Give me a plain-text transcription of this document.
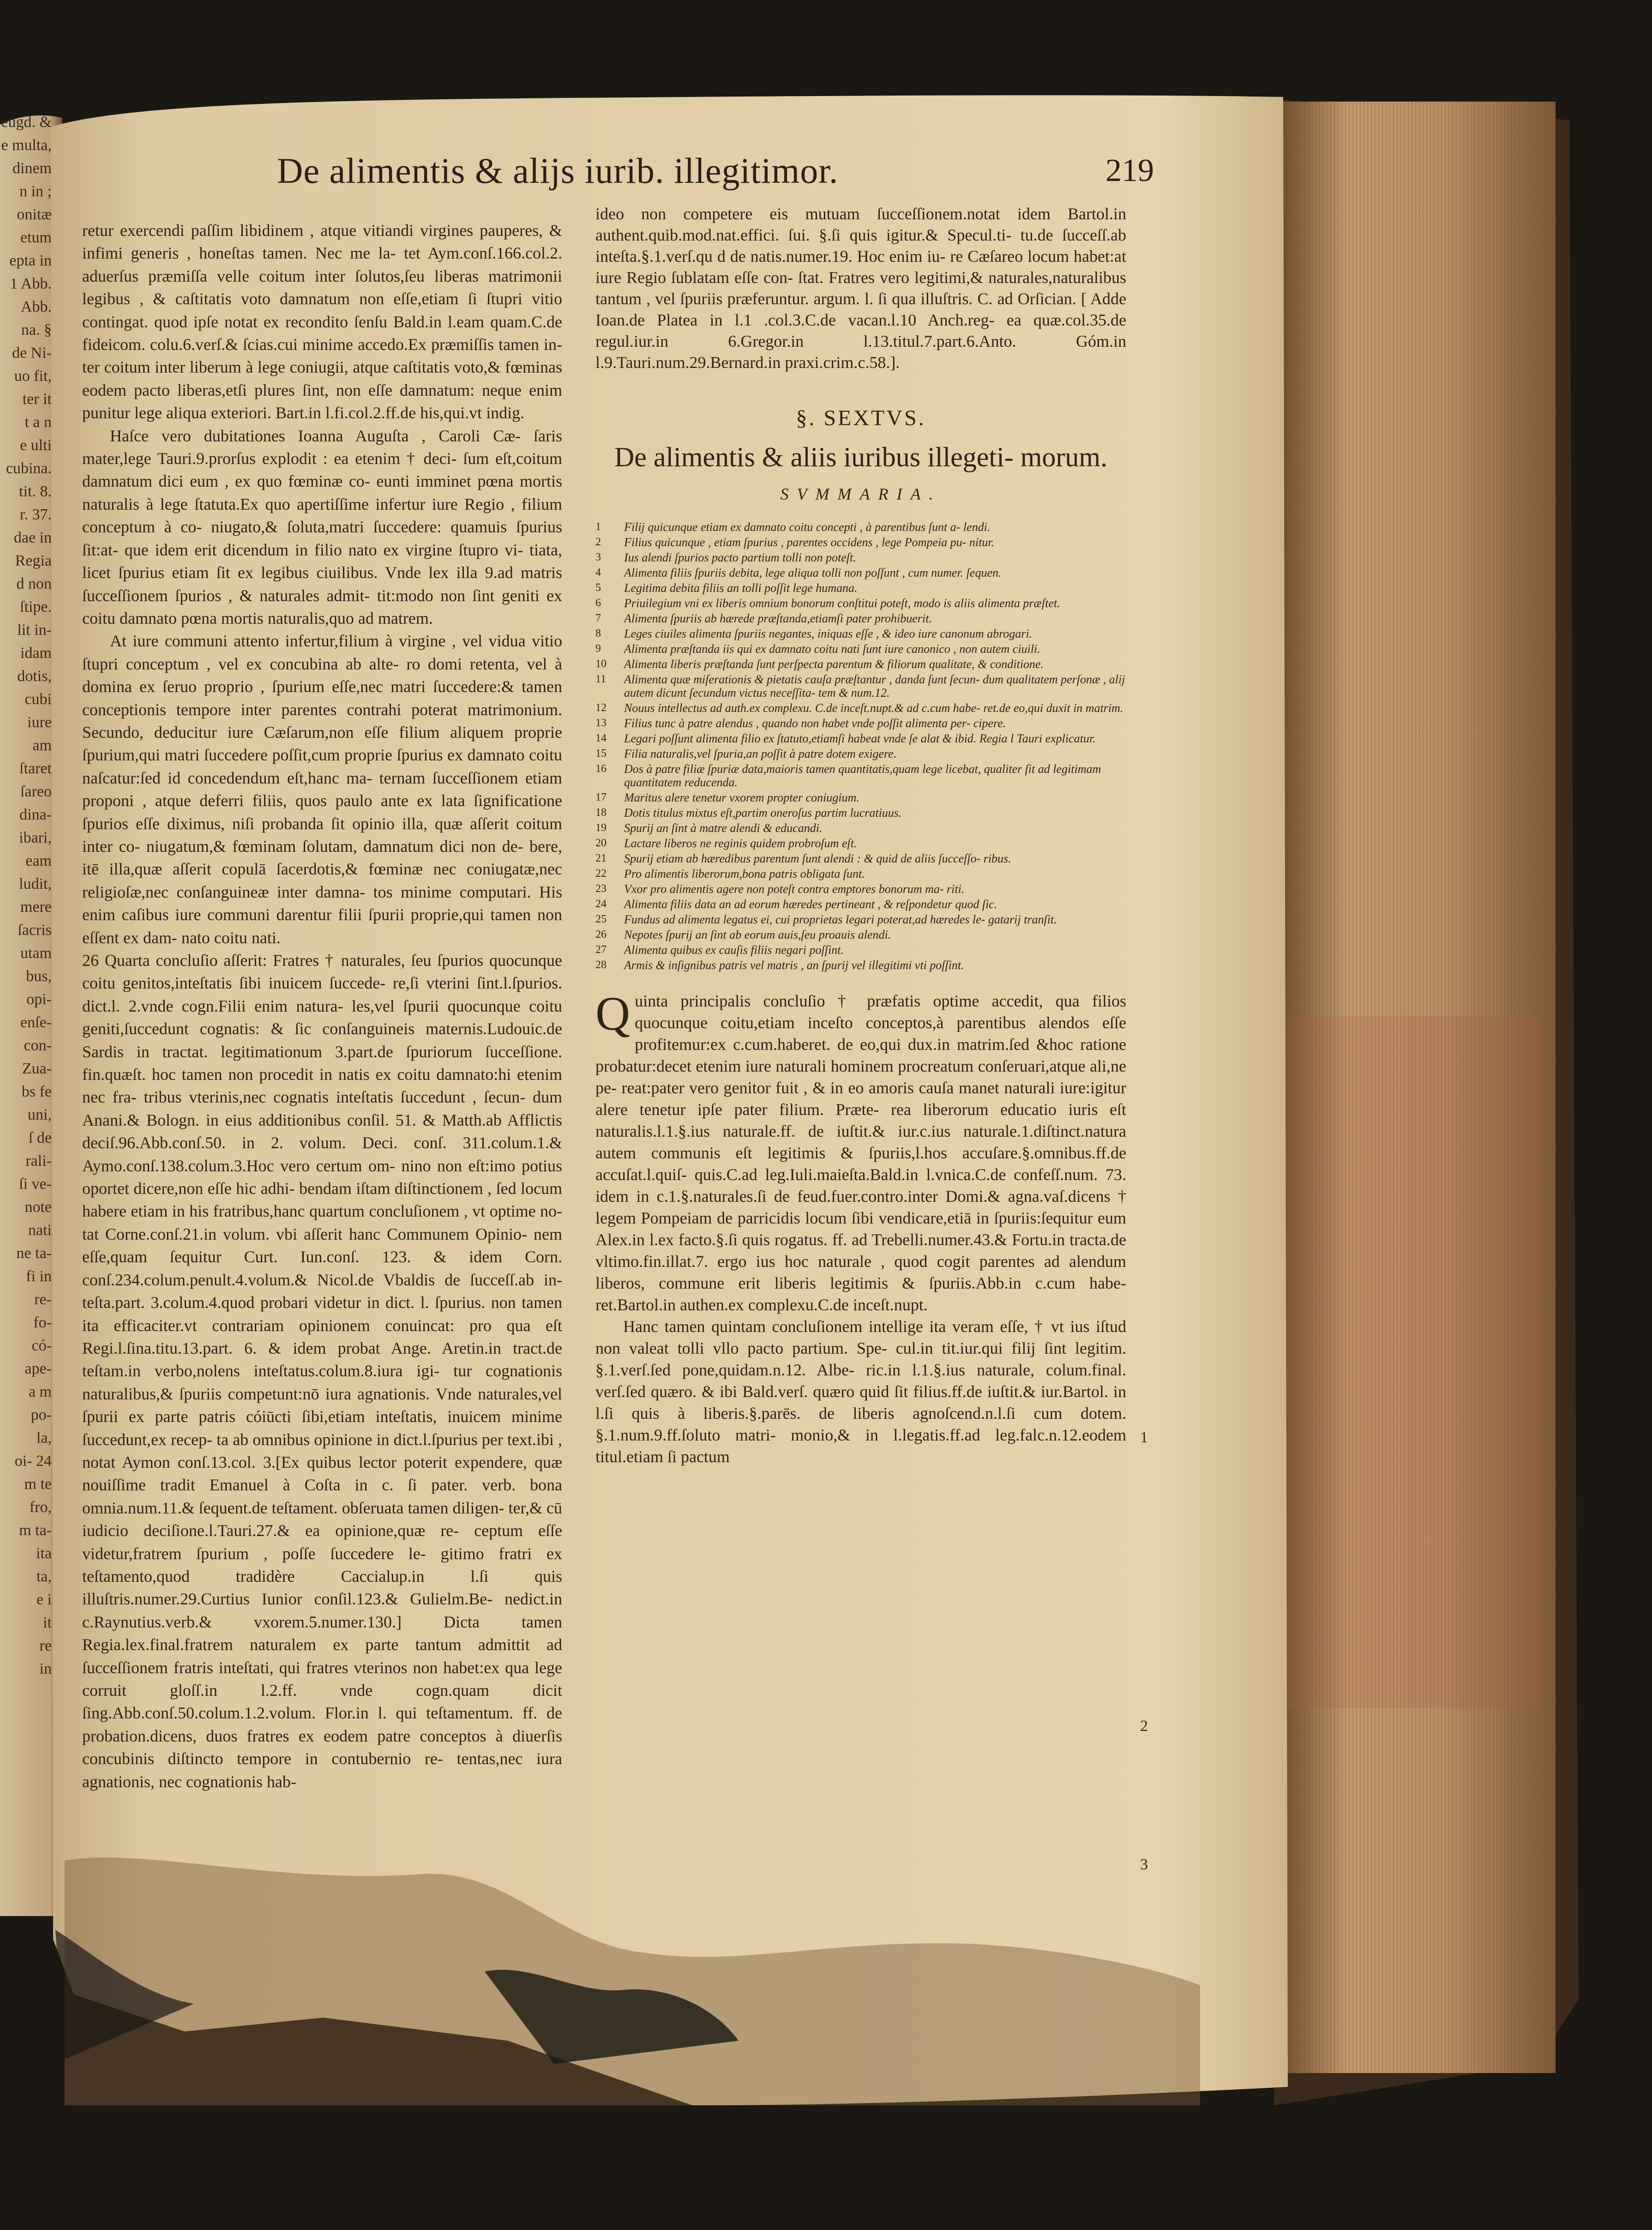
eugd. &
e multa,
dinem
n in ;
onitæ
etum
epta in
1 Abb.
Abb.
na. §
de Ni-
uo fit,
ter it
t a n
e ulti
cubina.
tit. 8.
r. 37.
dae in
Regia
d non
ſtipe.
lit in-
idam
dotis,
cubi
iure
am
ſtaret
ſareo
dina-
ibari,
eam
ludit,
mere
ſacris
utam
bus,
opi-
enſe-
con-
Zua-
bs fe
uni,
ſ de
rali-
ſi ve-
note
nati
ne ta-
fi in
re-
fo-
có-
ape-
a m
po-
la,
oi- 24
m te
fro,
m ta-
ita
ta,
e i
it
re
in
De alimentis & alijs iurib. illegitimor.	219

retur exercendi paſſim libidinem , atque vitiandi virgines pauperes, & infimi generis , honeſtas tamen. Nec me la- tet Aym.conſ.166.col.2. aduerſus præmiſſa velle coitum inter ſolutos,ſeu liberas matrimonii legibus , & caſtitatis voto damnatum non eſſe,etiam ſi ſtupri vitio contingat. quod ipſe notat ex recondito ſenſu Bald.in l.eam quam.C.de fideicom. colu.6.verſ.& ſcias.cui minime accedo.Ex præmiſſis tamen in- ter coitum inter liberum à lege coniugii, atque caſtitatis voto,& fœminas eodem pacto liberas,etſi plures ſint, non eſſe damnatum: neque enim punitur lege aliqua exteriori. Bart.in l.fi.col.2.ff.de his,qui.vt indig.

Haſce vero dubitationes Ioanna Auguſta , Caroli Cæ- ſaris mater,lege Tauri.9.prorſus explodit : ea etenim † deci- ſum eſt,coitum damnatum dici eum , ex quo fœminæ co- eunti imminet pœna mortis naturalis à lege ſtatuta.Ex quo apertiſſime infertur iure Regio , filium conceptum à co- niugato,& ſoluta,matri ſuccedere: quamuis ſpurius ſit:at- que idem erit dicendum in filio nato ex virgine ſtupro vi- tiata, licet ſpurius etiam ſit ex legibus ciuilibus. Vnde lex illa 9.ad matris ſucceſſionem ſpurios , & naturales admit- tit:modo non ſint geniti ex coitu damnato pœna mortis naturalis,quo ad matrem.

At iure communi attento infertur,filium à virgine , vel vidua vitio ſtupri conceptum , vel ex concubina ab alte- ro domi retenta, vel à domina ex ſeruo proprio , ſpurium eſſe,nec matri ſuccedere:& tamen conceptionis tempore inter parentes contrahi poterat matrimonium. Secundo, deducitur iure Cæſarum,non eſſe filium aliquem proprie ſpurium,qui matri ſuccedere poſſit,cum proprie ſpurius ex damnato coitu naſcatur:ſed id concedendum eſt,hanc ma- ternam ſucceſſionem etiam proponi , atque deferri filiis, quos paulo ante ex lata ſignificatione ſpurios eſſe diximus, niſi probanda ſit opinio illa, quæ aſſerit coitum inter co- niugatum,& fœminam ſolutam, damnatum dici non de- bere, itē illa,quæ aſſerit copulā ſacerdotis,& fœminæ nec coniugatæ,nec religioſæ,nec conſanguineæ inter damna- tos minime computari. His enim caſibus iure communi darentur filii ſpurii proprie,qui tamen non eſſent ex dam- nato coitu nati.

26 Quarta concluſio aſſerit: Fratres † naturales, ſeu ſpurios quocunque coitu genitos,inteſtatis ſibi inuicem ſuccede- re,ſi vterini ſint.l.ſpurios. dict.l. 2.vnde cogn.Filii enim natura- les,vel ſpurii quocunque coitu geniti,ſuccedunt cognatis: & ſic conſanguineis maternis.Ludouic.de Sardis in tractat. legitimationum 3.part.de ſpuriorum ſucceſſione. fin.quæſt. hoc tamen non procedit in natis ex coitu damnato:hi etenim nec fra- tribus vterinis,nec cognatis inteſtatis ſuccedunt , ſecun- dum Anani.& Bologn. in eius additionibus conſil. 51. & Matth.ab Afflictis deciſ.96.Abb.conſ.50. in 2. volum. Deci. conſ. 311.colum.1.& Aymo.conſ.138.colum.3.Hoc vero certum om- nino non eſt:imo potius oportet dicere,non eſſe hic adhi- bendam iſtam diſtinctionem , ſed locum habere etiam in his fratribus,hanc quartum concluſionem , vt optime no- tat Corne.conſ.21.in volum. vbi aſſerit hanc Communem Opinio- nem eſſe,quam ſequitur Curt. Iun.conſ. 123. & idem Corn. conſ.234.colum.penult.4.volum.& Nicol.de Vbaldis de ſucceſſ.ab in- teſta.part. 3.colum.4.quod probari videtur in dict. l. ſpurius. non tamen ita efficaciter.vt contrariam opinionem conuincat: pro qua eſt Regi.l.ſina.titu.13.part. 6. & idem probat Ange. Aretin.in tract.de teſtam.in verbo,nolens inteſtatus.colum.8.iura igi- tur cognationis naturalibus,& ſpuriis competunt:nō iura agnationis. Vnde naturales,vel ſpurii ex parte patris cóiūcti ſibi,etiam inteſtatis, inuicem minime ſuccedunt,ex recep- ta ab omnibus opinione in dict.l.ſpurius per text.ibi , notat Aymon conſ.13.col. 3.[Ex quibus lector poterit expendere, quæ nouiſſime tradit Emanuel à Coſta in c. ſi pater. verb. bona omnia.num.11.& ſequent.de teſtament. obſeruata tamen diligen- ter,& cū iudicio deciſione.l.Tauri.27.& ea opinione,quæ re- ceptum eſſe videtur,fratrem ſpurium , poſſe ſuccedere le- gitimo fratri ex teſtamento,quod tradidère Caccialup.in l.ſi quis illuſtris.numer.29.Curtius Iunior conſil.123.& Gulielm.Be- nedict.in c.Raynutius.verb.& vxorem.5.numer.130.] Dicta tamen Regia.lex.final.fratrem naturalem ex parte tantum admittit ad ſucceſſionem fratris inteſtati, qui fratres vterinos non habet:ex qua lege corruit gloſſ.in l.2.ff. vnde cogn.quam dicit ſing.Abb.conſ.50.colum.1.2.volum. Flor.in l. qui teſtamentum. ff. de probation.dicens, duos fratres ex eodem patre conceptos à diuerſis concubinis diſtincto tempore in contubernio re- tentas,nec iura agnationis, nec cognationis hab-

ideo non competere eis mutuam ſucceſſionem.notat idem Bartol.in authent.quib.mod.nat.effici. ſui. §.ſi quis igitur.& Specul.ti- tu.de ſucceſſ.ab inteſta.§.1.verſ.qu d de natis.numer.19. Hoc enim iu- re Cæſareo locum habet:at iure Regio ſublatam eſſe con- ſtat. Fratres vero legitimi,& naturales,naturalibus tantum , vel ſpuriis præferuntur. argum. l. ſi qua illuſtris. C. ad Orſician. [ Adde Ioan.de Platea in l.1 .col.3.C.de vacan.l.10 Anch.reg- ea quæ.col.35.de regul.iur.in 6.Gregor.in l.13.titul.7.part.6.Anto. Góm.in l.9.Tauri.num.29.Bernard.in praxi.crim.c.58.].

§. SEXTVS.
De alimentis & aliis iuribus illegeti- morum.
SVMMARIA.
1 Filij quicunque etiam ex damnato coitu concepti , à parentibus ſunt a- lendi.
2 Filius quicunque , etiam ſpurius , parentes occidens , lege Pompeia pu- nitur.
3 Ius alendi ſpurios pacto partium tolli non poteſt.
4 Alimenta filiis ſpuriis debita, lege aliqua tolli non poſſunt , cum numer. ſequen.
5 Legitima debita filiis an tolli poſſit lege humana.
6 Priuilegium vni ex liberis omnium bonorum conſtitui poteſt, modo is aliis alimenta præſtet.
7 Alimenta ſpuriis ab hærede præſtanda,etiamſi pater prohibuerit.
8 Leges ciuiles alimenta ſpuriis negantes, iniquas eſſe , & ideo iure canonum abrogari.
9 Alimenta præſtanda iis qui ex damnato coitu nati ſunt iure canonico , non autem ciuili.
10 Alimenta liberis præſtanda ſunt perſpecta parentum & filiorum qualitate, & conditione.
11 Alimenta quæ miſerationis & pietatis cauſa præſtantur , danda ſunt ſecun- dum qualitatem perſonæ , alij autem dicunt ſecundum victus neceſſita- tem & num.12.
12 Nouus intellectus ad auth.ex complexu. C.de inceſt.nupt.& ad c.cum habe- ret.de eo,qui duxit in matrim.
13 Filius tunc à patre alendus , quando non habet vnde poſſit alimenta per- cipere.
14 Legari poſſunt alimenta filio ex ſtatuto,etiamſi habeat vnde ſe alat & ibid. Regia l Tauri explicatur.
15 Filia naturalis,vel ſpuria,an poſſit à patre dotem exigere.
16 Dos à patre filiæ ſpuriæ data,maioris tamen quantitatis,quam lege licebat, qualiter ſit ad legitimam quantitatem reducenda.
17 Maritus alere tenetur vxorem propter coniugium.
18 Dotis titulus mixtus eſt,partim oneroſus partim lucratiuus.
19 Spurij an ſint à matre alendi & educandi.
20 Lactare liberos ne reginis quidem probroſum eſt.
21 Spurij etiam ab hæredibus parentum ſunt alendi : & quid de aliis ſucceſſo- ribus.
22 Pro alimentis liberorum,bona patris obligata ſunt.
23 Vxor pro alimentis agere non poteſt contra emptores bonorum ma- riti.
24 Alimenta filiis data an ad eorum hæredes pertineant , & reſpondetur quod ſic.
25 Fundus ad alimenta legatus ei, cui proprietas legari poterat,ad hæredes le- gatarij tranſit.
26 Nepotes ſpurij an ſint ab eorum auis,ſeu proauis alendi.
27 Alimenta quibus ex cauſis filiis negari poſſint.
28 Armis & inſignibus patris vel matris , an ſpurij vel illegitimi vti poſſint.
Q uinta principalis concluſio † præfatis optime accedit, qua filios quocunque coitu,etiam inceſto conceptos,à parentibus alendos eſſe profitemur:ex c.cum.haberet. de eo,qui dux.in matrim.ſed &hoc ratione probatur:decet etenim iure naturali hominem procreatum conſeruari,atque ali,ne pe- reat:pater vero genitor fuit , & in eo amoris cauſa manet naturali iure:igitur alere tenetur ipſe pater filium. Præte- rea liberorum educatio iuris eſt naturalis.l.1.§.ius naturale.ff. de iuſtit.& iur.c.ius naturale.1.diſtinct.natura autem communis eſt legitimis & ſpuriis,l.hos accuſare.§.omnibus.ff.de accuſat.l.quiſ- quis.C.ad leg.Iuli.maieſta.Bald.in l.vnica.C.de confeſſ.num. 73. idem in c.1.§.naturales.ſi de feud.fuer.contro.inter Domi.& agna.vaſ.dicens † legem Pompeiam de parricidis locum ſibi vendicare,etiā in ſpuriis:ſequitur eum Alex.in l.ex facto.§.ſi quis rogatus. ff. ad Trebelli.numer.43.& Fortu.in tracta.de vltimo.fin.illat.7. ergo ius hoc naturale , quod cogit parentes ad alendum liberos, commune erit liberis legitimis & ſpuriis.Abb.in c.cum habe- ret.Bartol.in authen.ex complexu.C.de inceſt.nupt.

Hanc tamen quintam concluſionem intellige ita veram eſſe, † vt ius iſtud non valeat tolli vllo pacto partium. Spe- cul.in tit.iur.qui filij ſint legitim. §.1.verſ.ſed pone,quidam.n.12. Albe- ric.in l.1.§.ius naturale, colum.final. verſ.ſed quæro. & ibi Bald.verſ. quæro quid ſit filius.ff.de iuſtit.& iur.Bartol. in l.ſi quis à liberis.§.parēs. de liberis agnoſcend.n.l.ſi cum dotem. §.1.num.9.ff.ſoluto matri- monio,& in l.legatis.ff.ad leg.falc.n.12.eodem titul.etiam ſi pactum

1
2
3
